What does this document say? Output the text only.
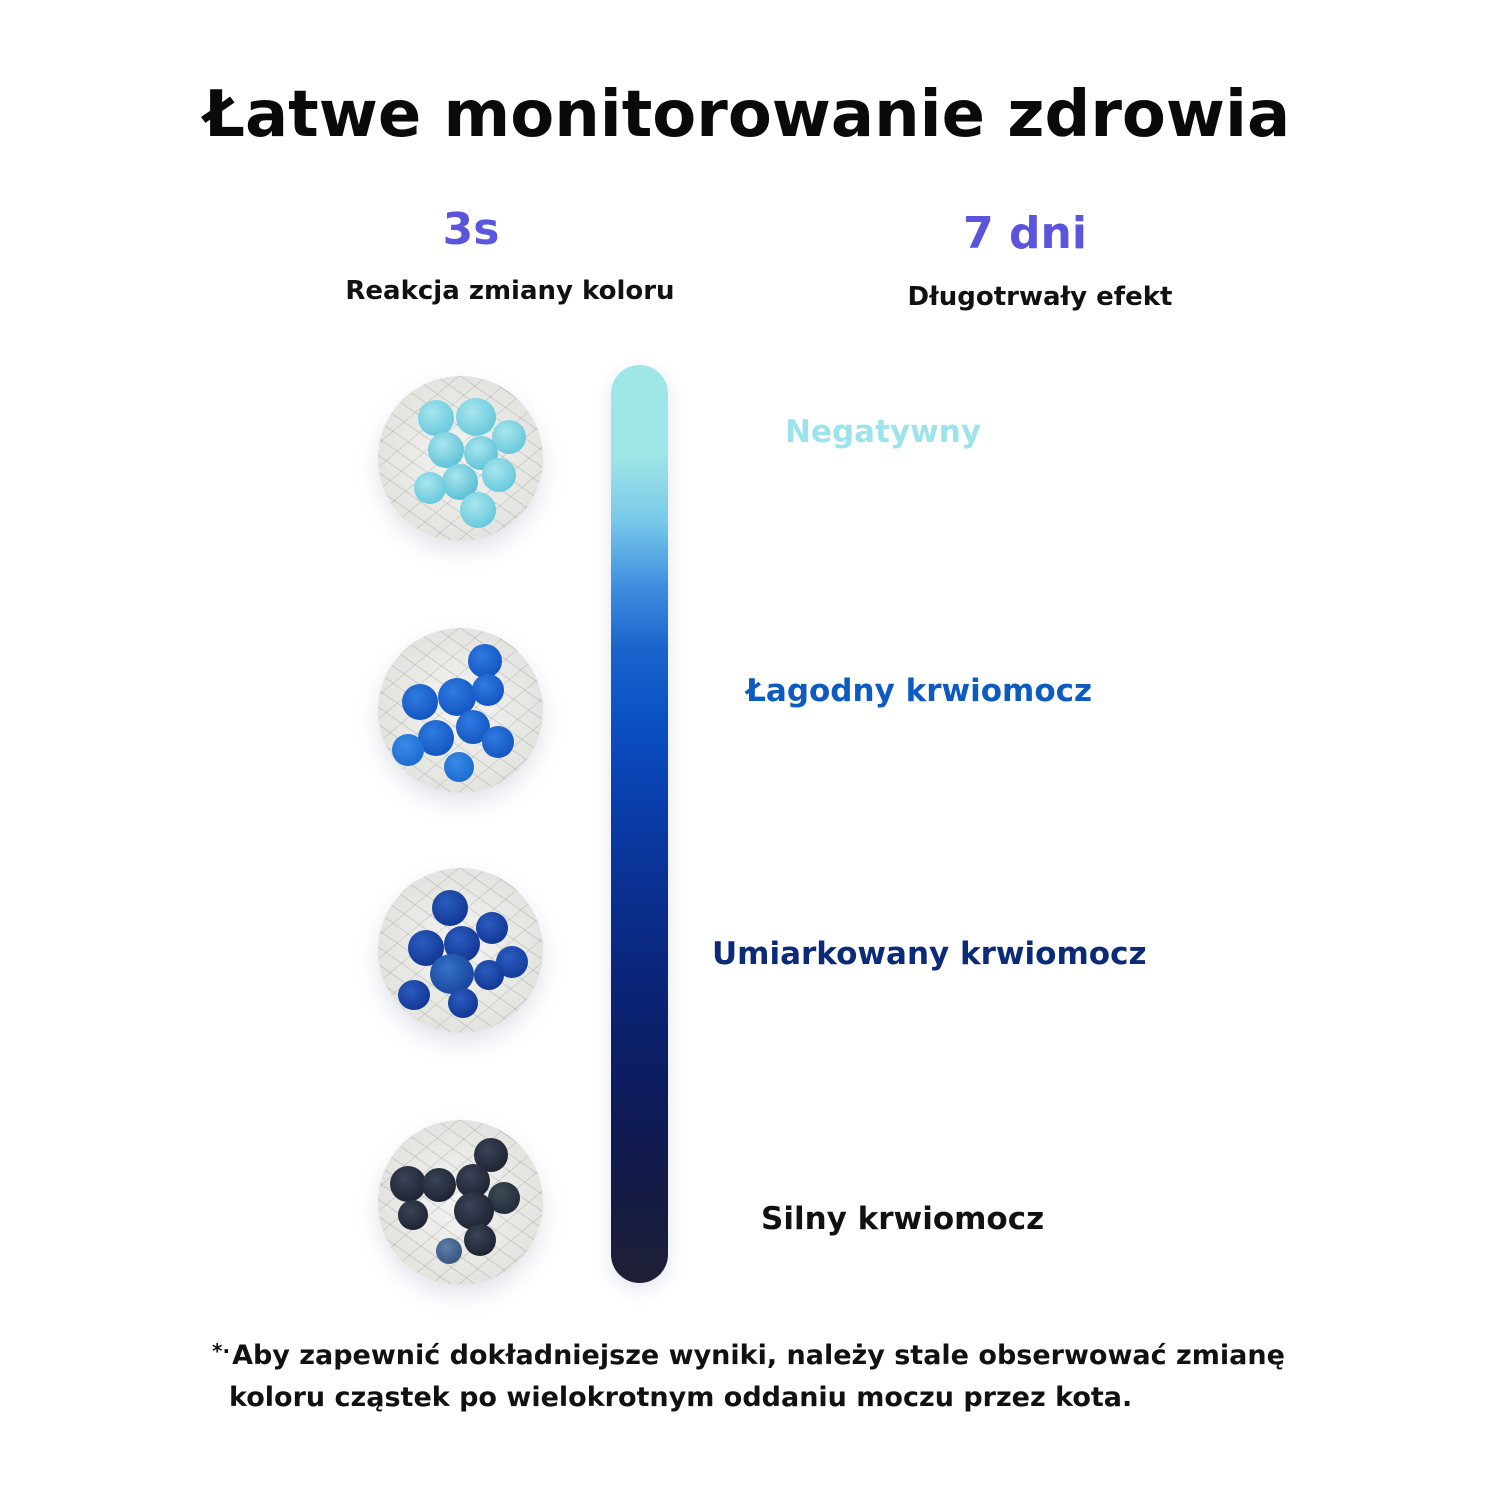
Łatwe monitorowanie zdrowia
3s
Reakcja zmiany koloru
7 dni
Długotrwały efekt
Negatywny
Łagodny krwiomocz
Umiarkowany krwiomocz
Silny krwiomocz
*·Aby zapewnić dokładniejsze wyniki, należy stale obserwować zmianę
koloru cząstek po wielokrotnym oddaniu moczu przez kota.
